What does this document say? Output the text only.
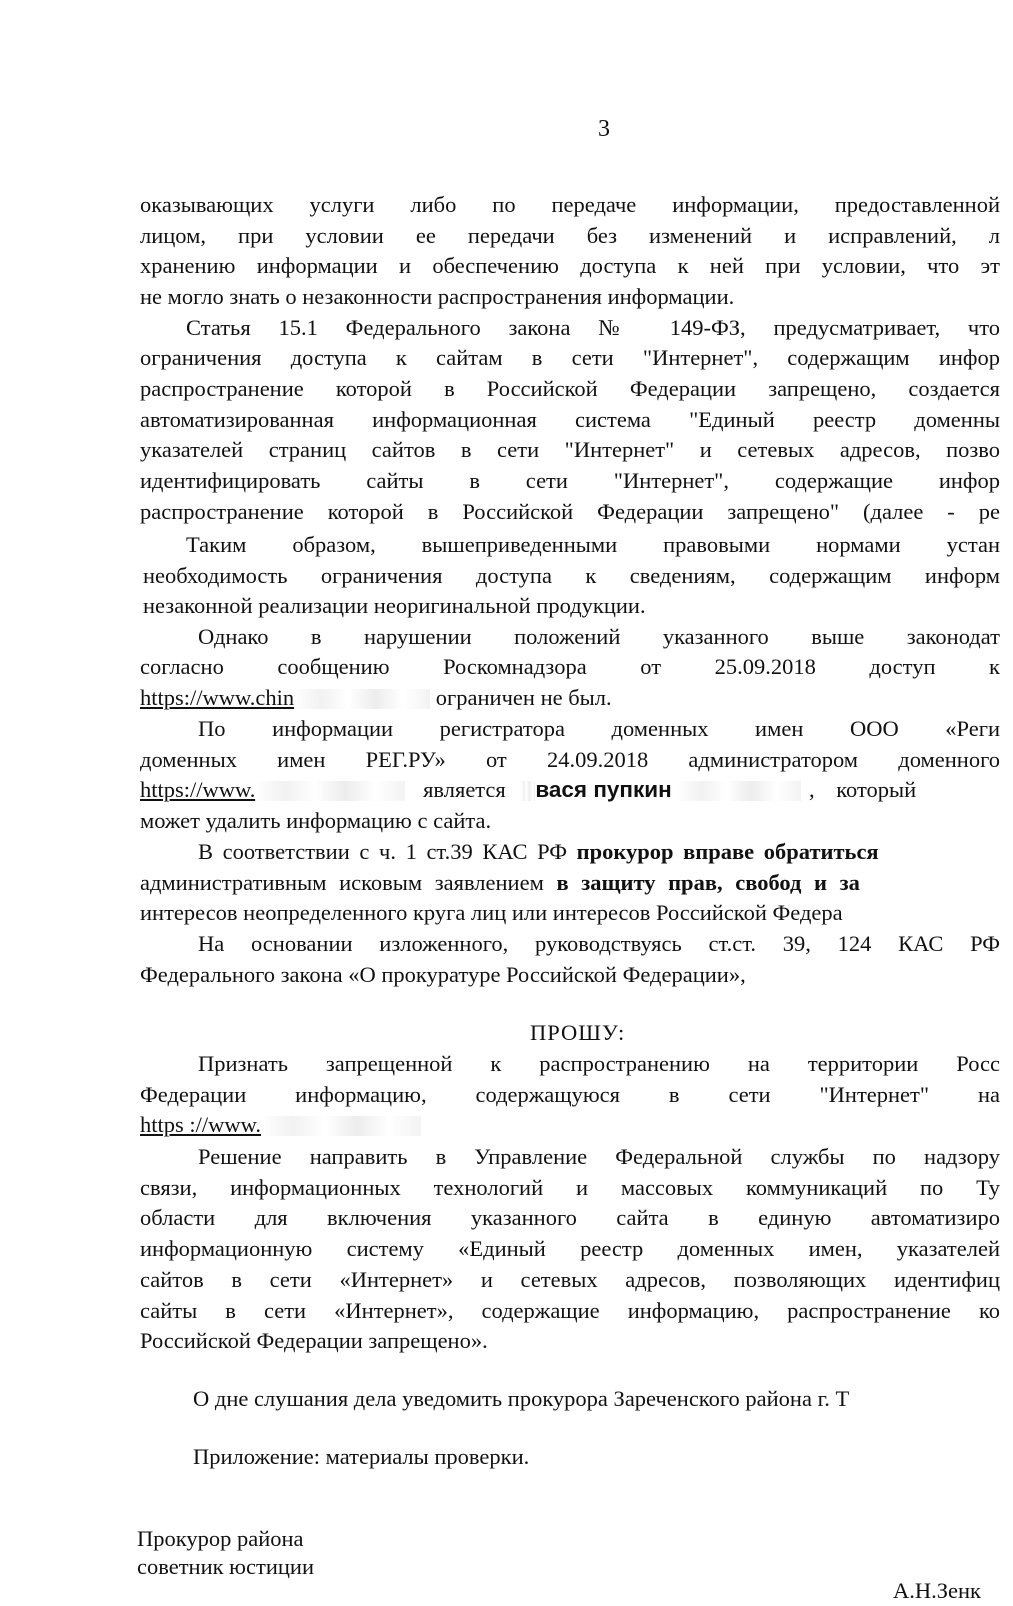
3
оказывающих услуги либо по передаче информации, предоставленной
лицом, при условии ее передачи без изменений и исправлений, л
хранению информации и обеспечению доступа к ней при условии, что эт
не могло знать о незаконности распространения информации.
Статья 15.1 Федерального закона № 149-ФЗ, предусматривает, что
ограничения доступа к сайтам в сети "Интернет", содержащим инфор
распространение которой в Российской Федерации запрещено, создается
автоматизированная информационная система "Единый реестр доменны
указателей страниц сайтов в сети "Интернет" и сетевых адресов, позво
идентифицировать сайты в сети "Интернет", содержащие инфор
распространение которой в Российской Федерации запрещено" (далее - ре
Таким образом, вышеприведенными правовыми нормами устан
необходимость ограничения доступа к сведениям, содержащим информ
незаконной реализации неоригинальной продукции.
Однако в нарушении положений указанного выше законодат
согласно сообщению Роскомнадзора от 25.09.2018 доступ к
https://www.chin	ограничен не был.
По информации регистратора доменных имен ООО «Реги
доменных имен РЕГ.РУ» от 24.09.2018 администратором доменного
https://www.	является вася пупкин	, который
может удалить информацию с сайта.
В соответствии с ч. 1 ст.39 КАС РФ прокурор вправе обратиться
административным исковым заявлением в защиту прав, свобод и за
интересов неопределенного круга лиц или интересов Российской Федера
На основании изложенного, руководствуясь ст.ст. 39, 124 КАС РФ
Федерального закона «О прокуратуре Российской Федерации»,
ПРОШУ:
Признать запрещенной к распространению на территории Росс
Федерации информацию, содержащуюся в сети "Интернет" на
https ://www.
Решение направить в Управление Федеральной службы по надзору
связи, информационных технологий и массовых коммуникаций по Ту
области для включения указанного сайта в единую автоматизиро
информационную систему «Единый реестр доменных имен, указателей
сайтов в сети «Интернет» и сетевых адресов, позволяющих идентифиц
сайты в сети «Интернет», содержащие информацию, распространение ко
Российской Федерации запрещено».
О дне слушания дела уведомить прокурора Зареченского района г. Т
Приложение: материалы проверки.
Прокурор района
советник юстиции
А.Н.Зенк
